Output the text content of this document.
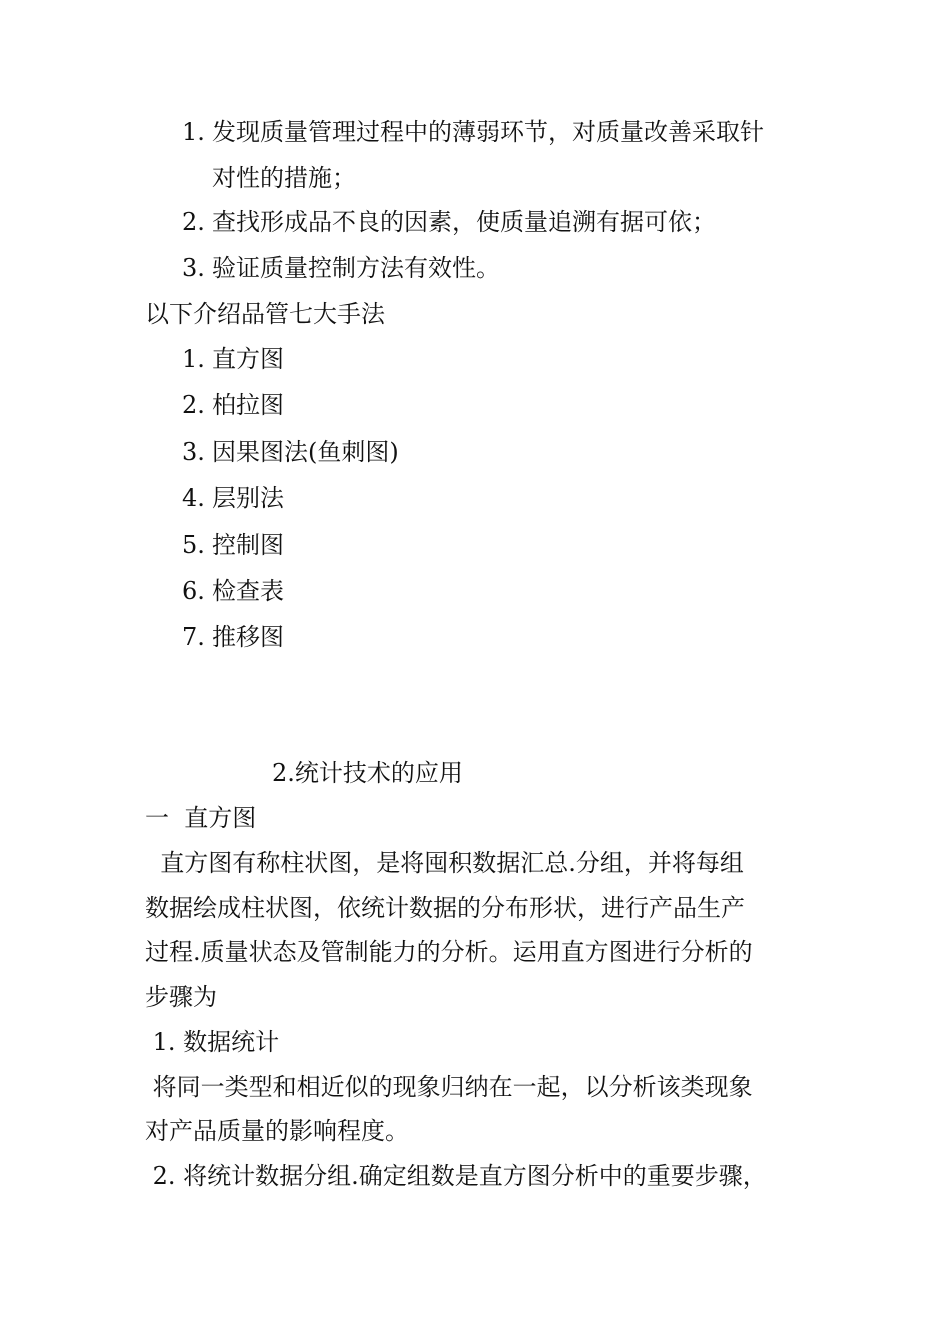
1. 发现质量管理过程中的薄弱环节，对质量改善采取针
对性的措施；
2. 查找形成品不良的因素，使质量追溯有据可依；
3. 验证质量控制方法有效性。
以下介绍品管七大手法
1. 直方图
2. 柏拉图
3. 因果图法(鱼刺图)
4. 层别法
5. 控制图
6. 检查表
7. 推移图
2.统计技术的应用
一  直方图
直方图有称柱状图，是将囤积数据汇总.分组，并将每组
数据绘成柱状图，依统计数据的分布形状，进行产品生产
过程.质量状态及管制能力的分析。运用直方图进行分析的
步骤为
1. 数据统计
将同一类型和相近似的现象归纳在一起，以分析该类现象
对产品质量的影响程度。
2. 将统计数据分组.确定组数是直方图分析中的重要步骤，
